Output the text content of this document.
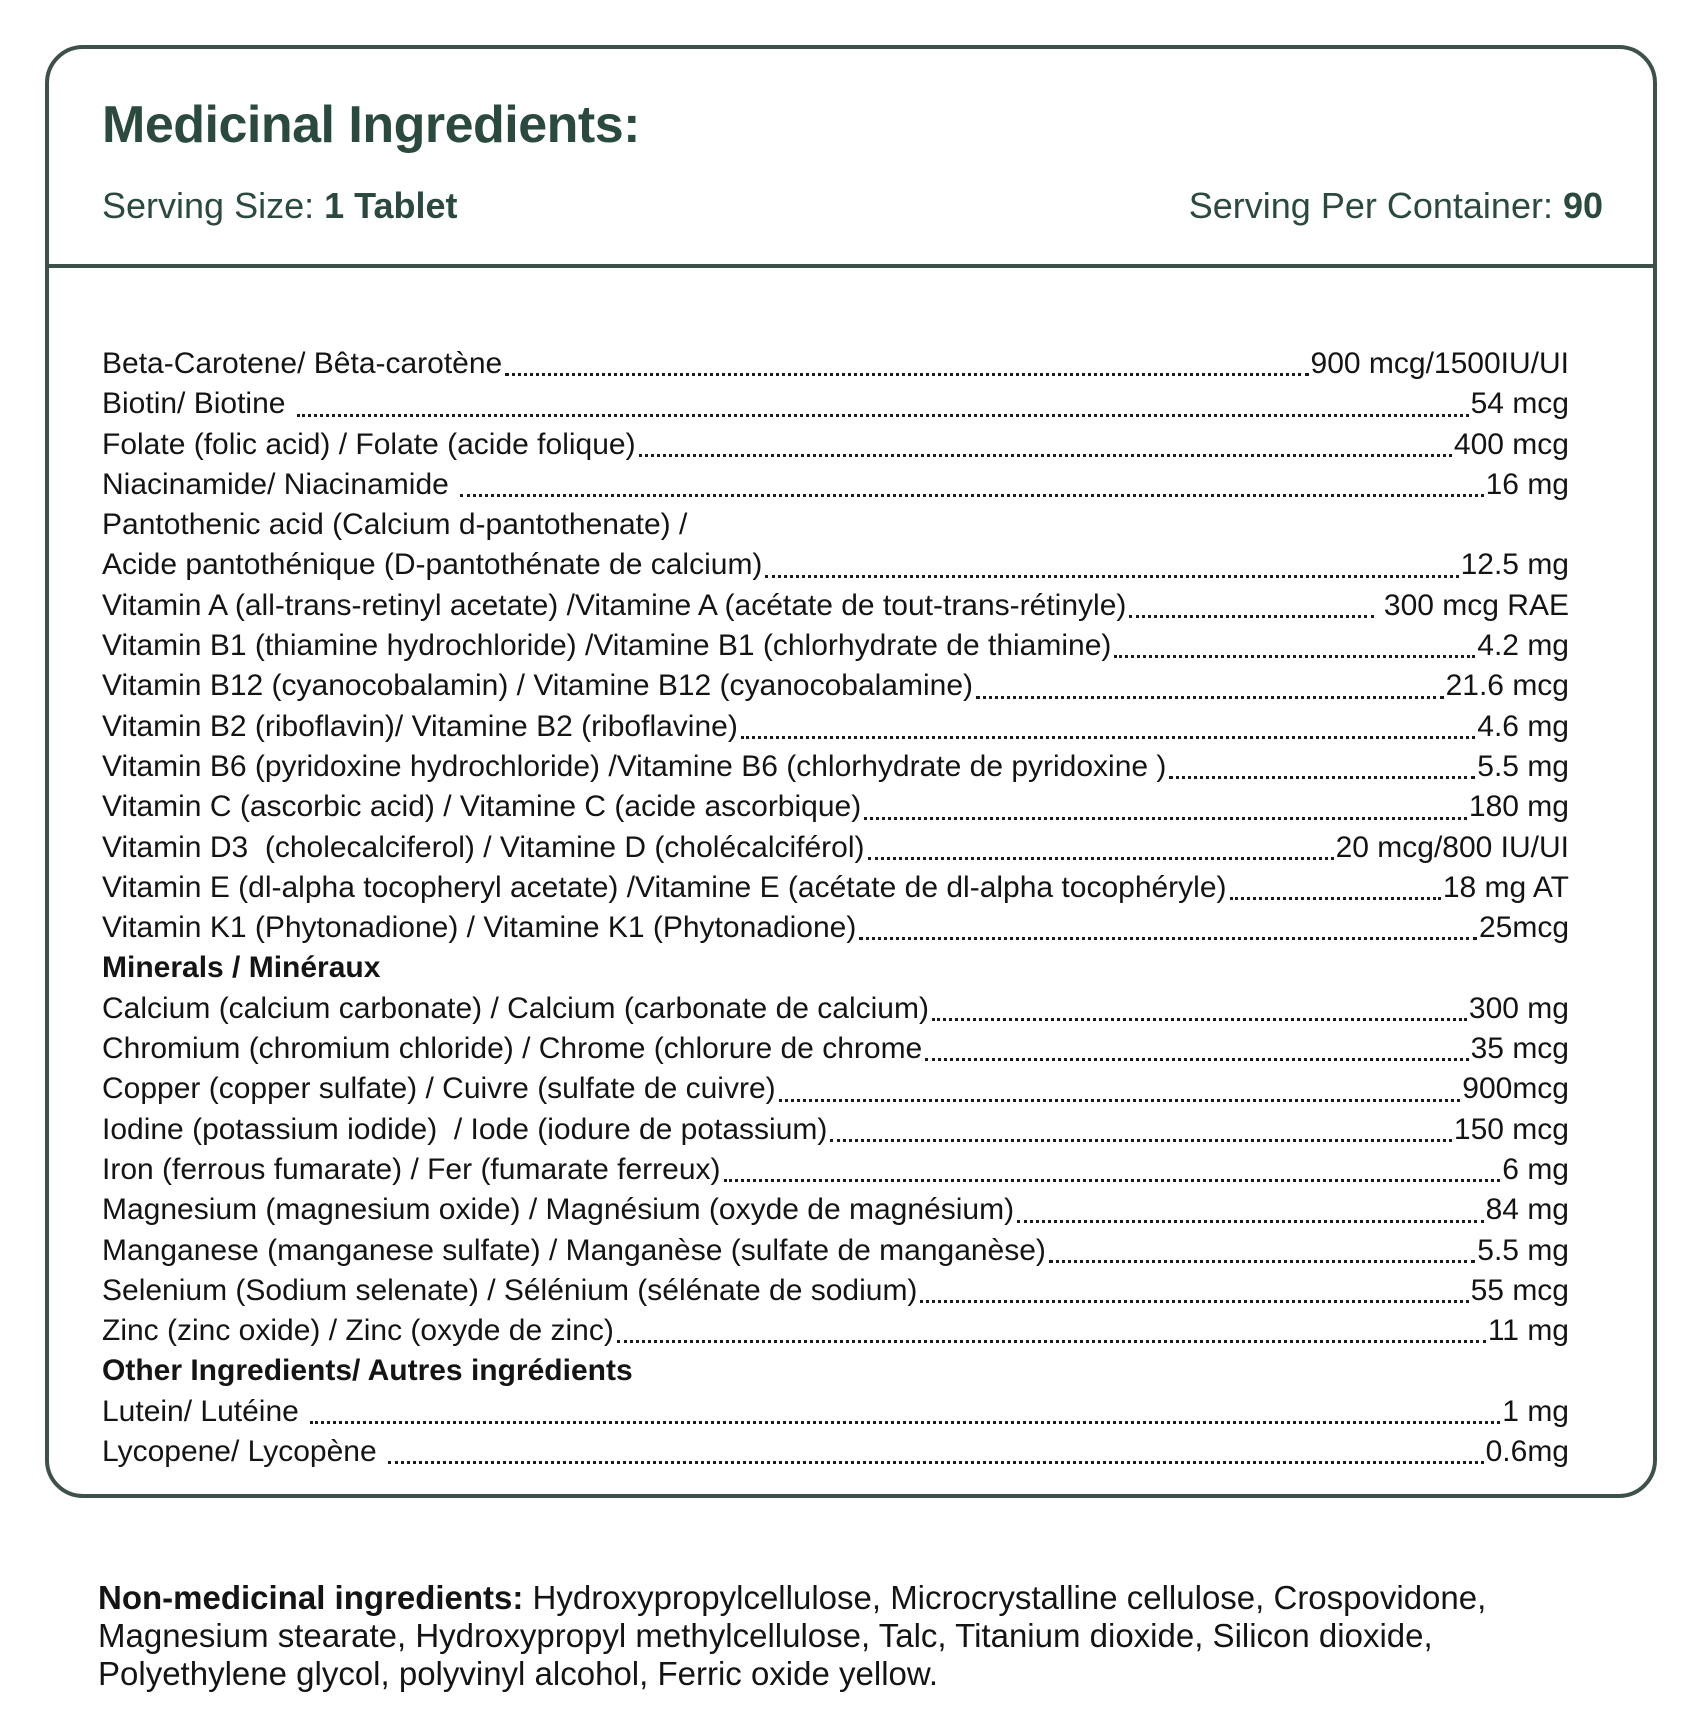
Medicinal Ingredients:
Serving Size: 1 Tablet	Serving Per Container: 90
Beta-Carotene/ Bêta-carotène	900 mcg/1500IU/UI
Biotin/ Biotine	54 mcg
Folate (folic acid) / Folate (acide folique)	400 mcg
Niacinamide/ Niacinamide	16 mg
Pantothenic acid (Calcium d-pantothenate) /
Acide pantothénique (D-pantothénate de calcium)	12.5 mg
Vitamin A (all-trans-retinyl acetate) /Vitamine A (acétate de tout-trans-rétinyle)	300 mcg RAE
Vitamin B1 (thiamine hydrochloride) /Vitamine B1 (chlorhydrate de thiamine)	4.2 mg
Vitamin B12 (cyanocobalamin) / Vitamine B12 (cyanocobalamine)	21.6 mcg
Vitamin B2 (riboflavin)/ Vitamine B2 (riboflavine)	4.6 mg
Vitamin B6 (pyridoxine hydrochloride) /Vitamine B6 (chlorhydrate de pyridoxine )	5.5 mg
Vitamin C (ascorbic acid) / Vitamine C (acide ascorbique)	180 mg
Vitamin D3  (cholecalciferol) / Vitamine D (cholécalciférol)	20 mcg/800 IU/UI
Vitamin E (dl-alpha tocopheryl acetate) /Vitamine E (acétate de dl-alpha tocophéryle)	18 mg AT
Vitamin K1 (Phytonadione) / Vitamine K1 (Phytonadione)	25mcg
Minerals / Minéraux
Calcium (calcium carbonate) / Calcium (carbonate de calcium)	300 mg
Chromium (chromium chloride) / Chrome (chlorure de chrome	35 mcg
Copper (copper sulfate) / Cuivre (sulfate de cuivre)	900mcg
Iodine (potassium iodide)  / Iode (iodure de potassium)	150 mcg
Iron (ferrous fumarate) / Fer (fumarate ferreux)	6 mg
Magnesium (magnesium oxide) / Magnésium (oxyde de magnésium)	84 mg
Manganese (manganese sulfate) / Manganèse (sulfate de manganèse)	5.5 mg
Selenium (Sodium selenate) / Sélénium (sélénate de sodium)	55 mcg
Zinc (zinc oxide) / Zinc (oxyde de zinc)	11 mg
Other Ingredients/ Autres ingrédients
Lutein/ Lutéine	1 mg
Lycopene/ Lycopène	0.6mg

Non-medicinal ingredients: Hydroxypropylcellulose, Microcrystalline cellulose, Crospovidone, Magnesium stearate, Hydroxypropyl methylcellulose, Talc, Titanium dioxide, Silicon dioxide, Polyethylene glycol, polyvinyl alcohol, Ferric oxide yellow.
